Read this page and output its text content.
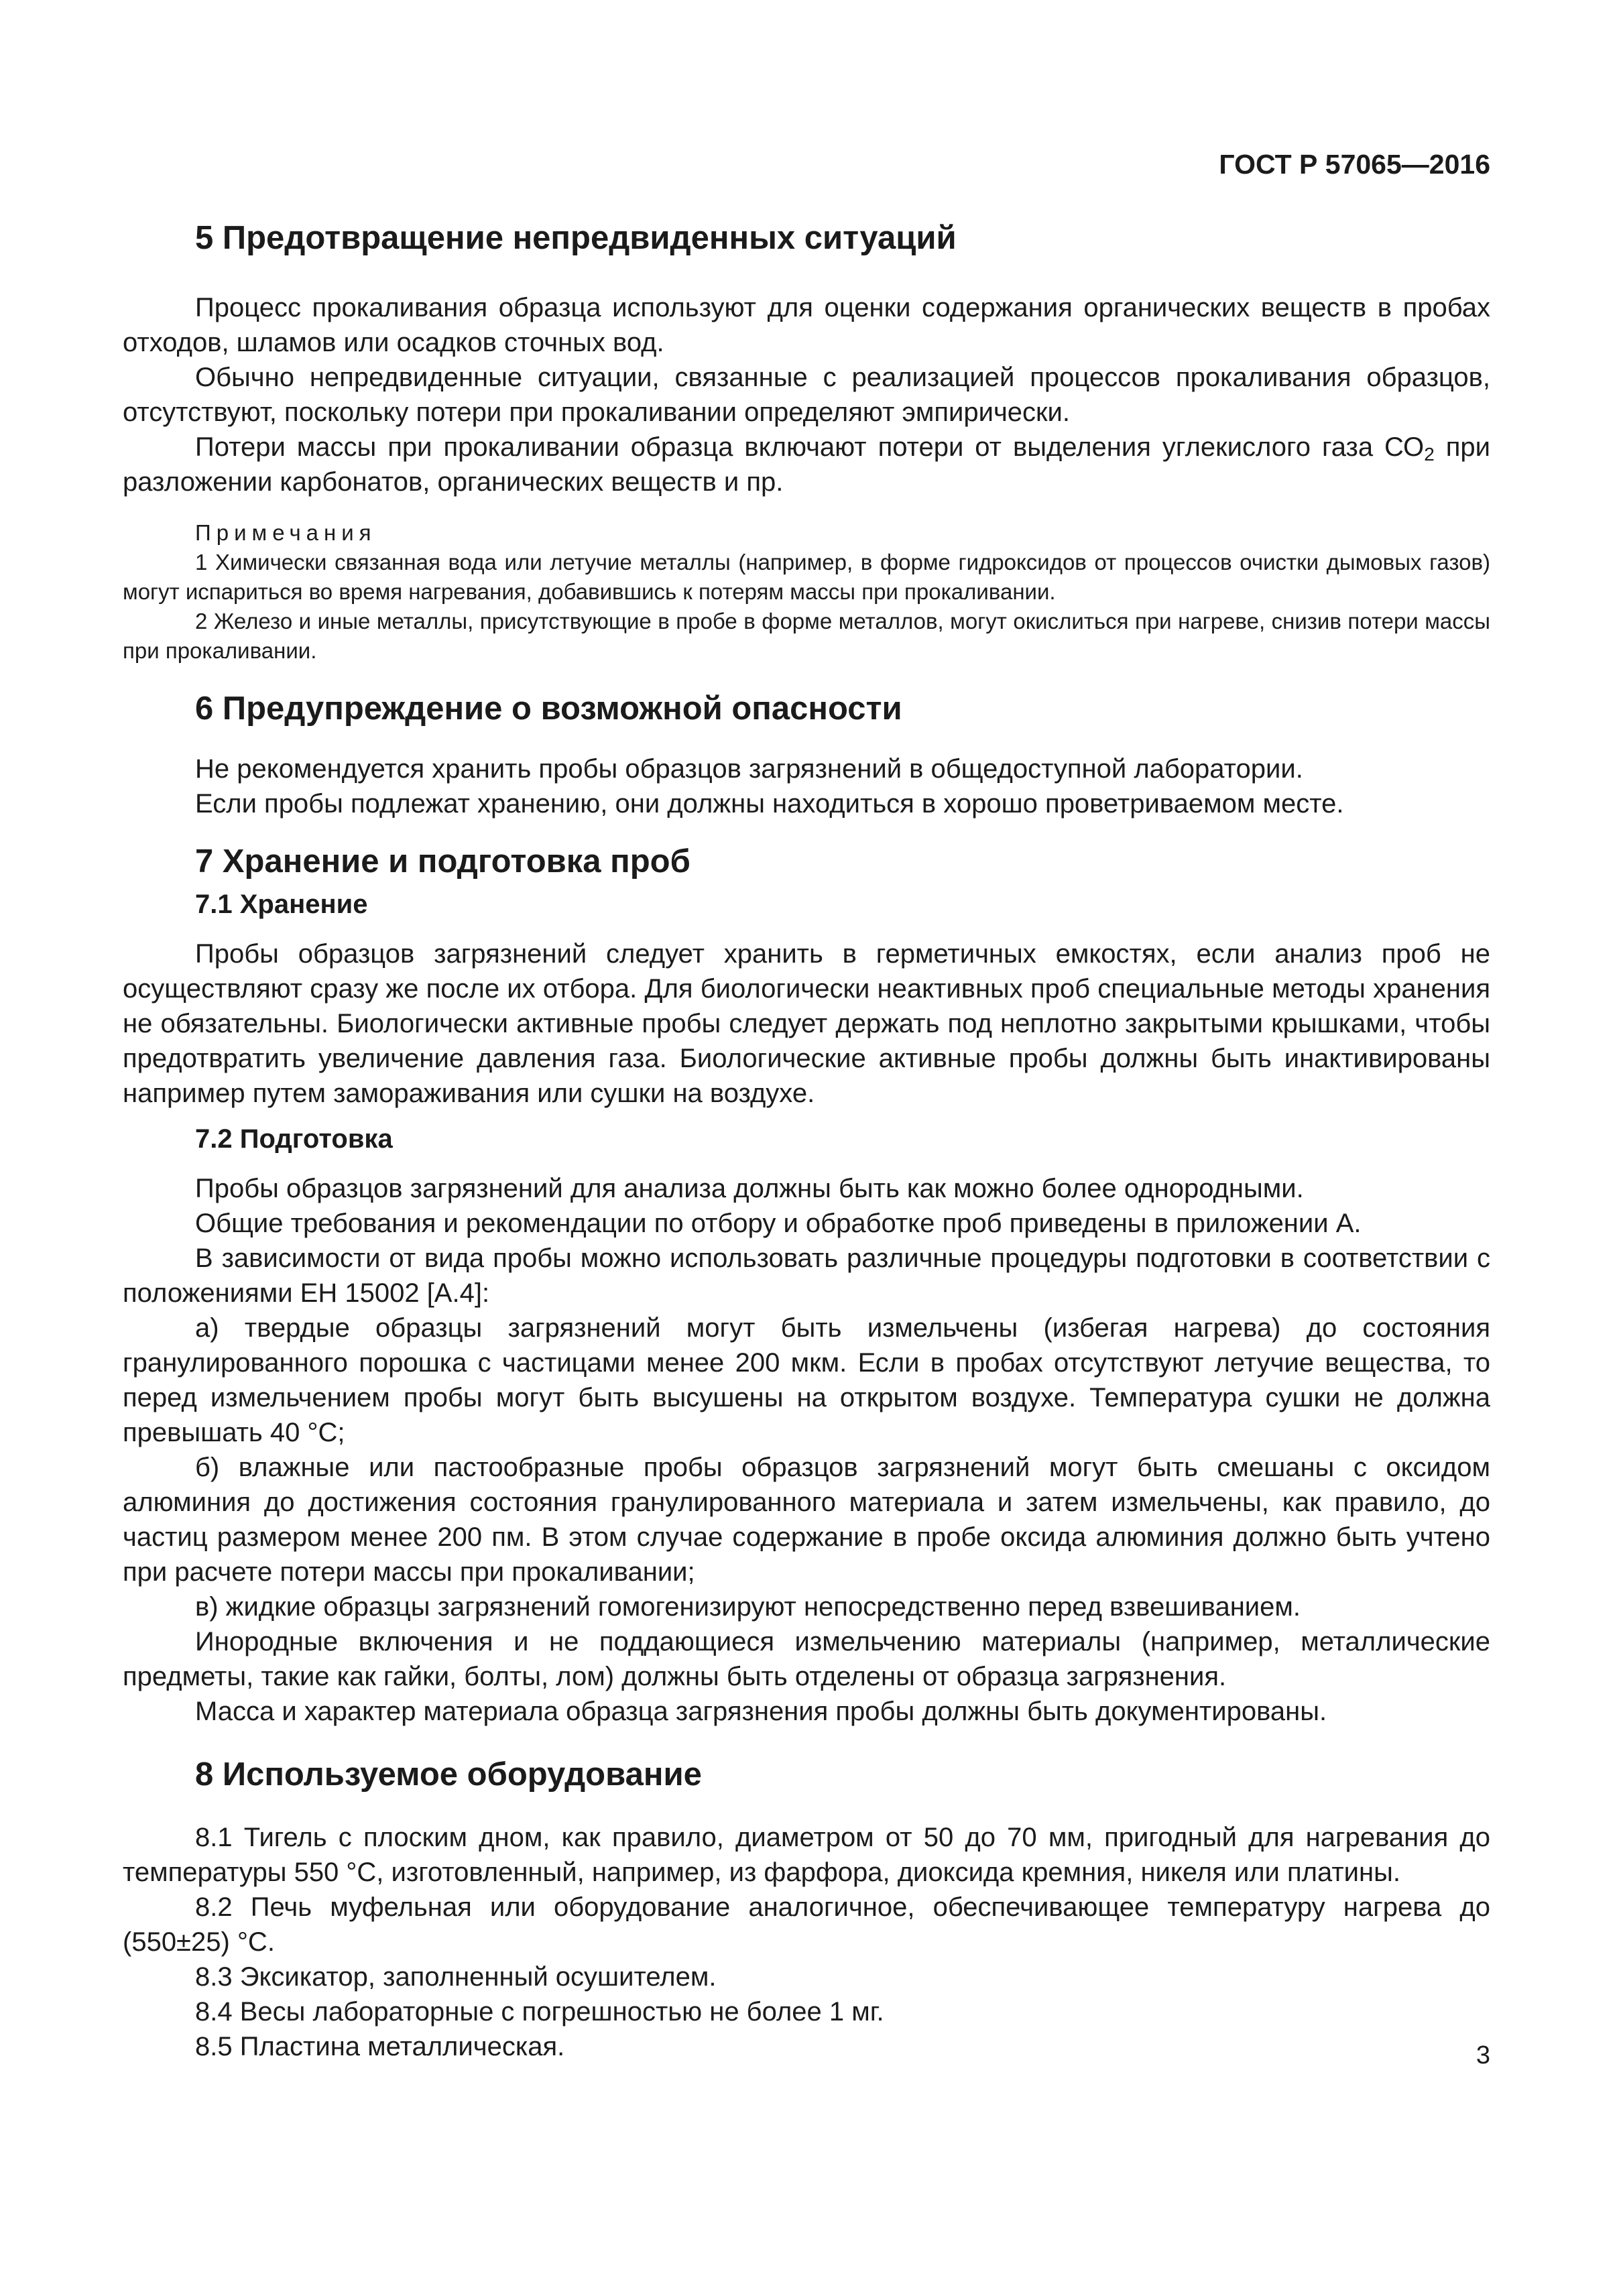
ГОСТ Р 57065—2016
5 Предотвращение непредвиденных ситуаций

Процесс прокаливания образца используют для оценки содержания органических веществ в пробах отходов, шламов или осадков сточных вод.

Обычно непредвиденные ситуации, связанные с реализацией процессов прокаливания образцов, отсутствуют, поскольку потери при прокаливании определяют эмпирически.

Потери массы при прокаливании образца включают потери от выделения углекислого газа $СО_2$ при разложении карбонатов, органических веществ и пр.

Примечания
1 Химически связанная вода или летучие металлы (например, в форме гидроксидов от процессов очистки дымовых газов) могут испариться во время нагревания, добавившись к потерям массы при прокаливании.
2 Железо и иные металлы, присутствующие в пробе в форме металлов, могут окислиться при нагреве, снизив потери массы при прокаливании.
6 Предупреждение о возможной опасности

Не рекомендуется хранить пробы образцов загрязнений в общедоступной лаборатории.

Если пробы подлежат хранению, они должны находиться в хорошо проветриваемом месте.

7 Хранение и подготовка проб
7.1 Хранение

Пробы образцов загрязнений следует хранить в герметичных емкостях, если анализ проб не осуществляют сразу же после их отбора. Для биологически неактивных проб специальные методы хранения не обязательны. Биологически активные пробы следует держать под неплотно закрытыми крышками, чтобы предотвратить увеличение давления газа. Биологические активные пробы должны быть инактивированы например путем замораживания или сушки на воздухе.

7.2 Подготовка

Пробы образцов загрязнений для анализа должны быть как можно более однородными.

Общие требования и рекомендации по отбору и обработке проб приведены в приложении А.

В зависимости от вида пробы можно использовать различные процедуры подготовки в соответствии с положениями ЕН 15002 [А.4]:

а) твердые образцы загрязнений могут быть измельчены (избегая нагрева) до состояния гранулированного порошка с частицами менее 200 мкм. Если в пробах отсутствуют летучие вещества, то перед измельчением пробы могут быть высушены на открытом воздухе. Температура сушки не должна превышать 40 °С;

б) влажные или пастообразные пробы образцов загрязнений могут быть смешаны с оксидом алюминия до достижения состояния гранулированного материала и затем измельчены, как правило, до частиц размером менее 200 пм. В этом случае содержание в пробе оксида алюминия должно быть учтено при расчете потери массы при прокаливании;

в) жидкие образцы загрязнений гомогенизируют непосредственно перед взвешиванием.

Инородные включения и не поддающиеся измельчению материалы (например, металлические предметы, такие как гайки, болты, лом) должны быть отделены от образца загрязнения.

Масса и характер материала образца загрязнения пробы должны быть документированы.

8 Используемое оборудование

8.1 Тигель с плоским дном, как правило, диаметром от 50 до 70 мм, пригодный для нагревания до температуры 550 °С, изготовленный, например, из фарфора, диоксида кремния, никеля или платины.

8.2 Печь муфельная или оборудование аналогичное, обеспечивающее температуру нагрева до (550±25) °С.

8.3 Эксикатор, заполненный осушителем.

8.4 Весы лабораторные с погрешностью не более 1 мг.

8.5 Пластина металлическая.	3
